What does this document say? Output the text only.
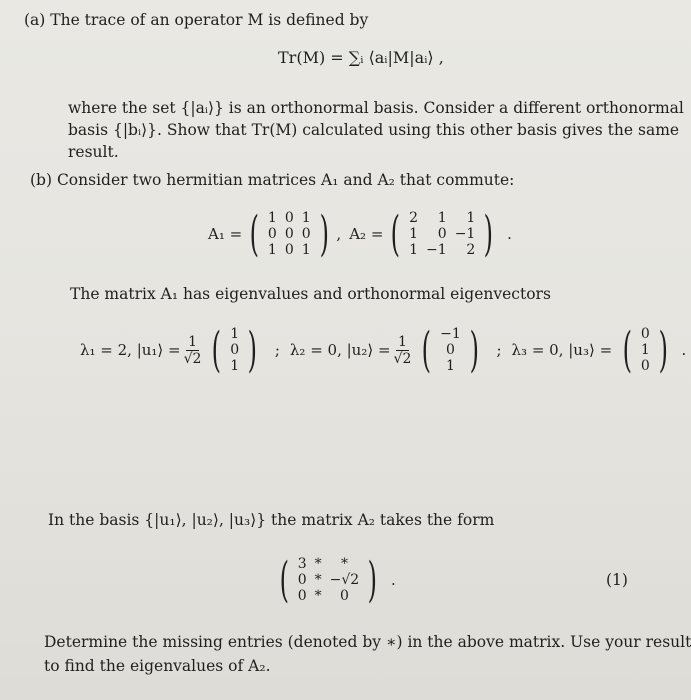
(a) The trace of an operator M is defined by
Tr(M) = ∑ᵢ ⟨aᵢ|M|aᵢ⟩ ,
where the set {|aᵢ⟩} is an orthonormal basis. Consider a different orthonormal
basis {|bᵢ⟩}. Show that Tr(M) calculated using this other basis gives the same
result.
(b) Consider two hermitian matrices A₁ and A₂ that commute:
A₁ = ( 1	0	1
0	0	0
1	0	1 ) , A₂ = ( 2	1	1
1	0	−1
1	−1	2 ) .
The matrix A₁ has eigenvalues and orthonormal eigenvectors
λ₁ = 2, |u₁⟩ = $\frac{1}{√2}$ ( 1
0
1 ) ; λ₂ = 0, |u₂⟩ = $\frac{1}{√2}$ ( −1
0
1 ) ; λ₃ = 0, |u₃⟩ = ( 0
1
0 ) .
In the basis {|u₁⟩, |u₂⟩, |u₃⟩} the matrix A₂ takes the form
( 3	*	*
0	*	−√2
0	*	0 ) .	(1)
Determine the missing entries (denoted by ∗) in the above matrix. Use your result
to find the eigenvalues of A₂.
